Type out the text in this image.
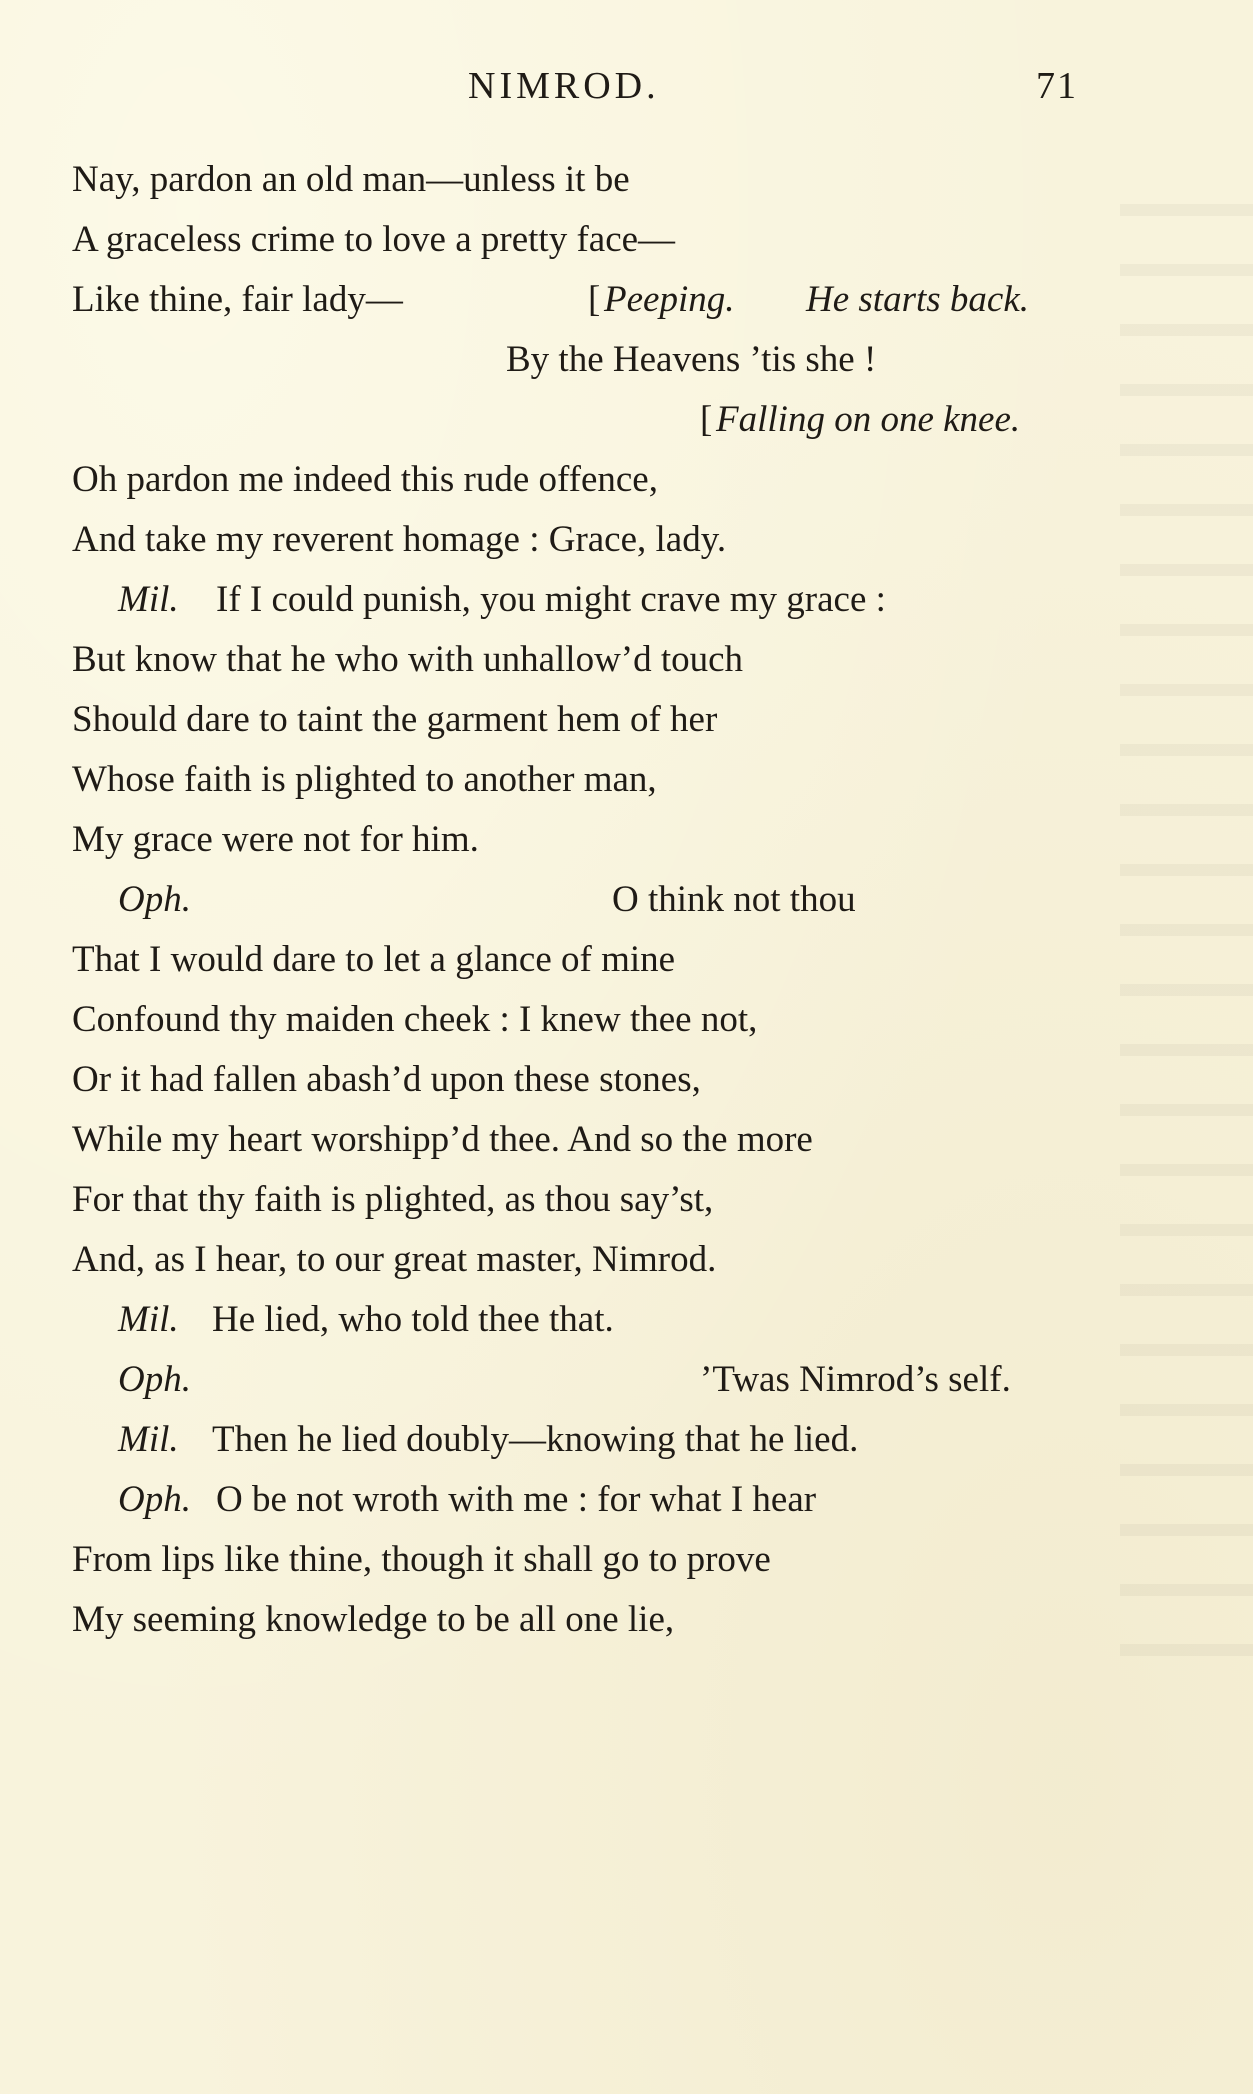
NIMROD.	71
Nay, pardon an old man—unless it be
A graceless crime to love a pretty face—
Like thine, fair lady—	[ Peeping. He starts back.
By the Heavens ’tis she !
[ Falling on one knee.
Oh pardon me indeed this rude offence,
And take my reverent homage : Grace, lady.
Mil. If I could punish, you might crave my grace :
But know that he who with unhallow’d touch
Should dare to taint the garment hem of her
Whose faith is plighted to another man,
My grace were not for him.
Oph.	O think not thou
That I would dare to let a glance of mine
Confound thy maiden cheek : I knew thee not,
Or it had fallen abash’d upon these stones,
While my heart worshipp’d thee. And so the more
For that thy faith is plighted, as thou say’st,
And, as I hear, to our great master, Nimrod.
Mil. He lied, who told thee that.
Oph.	’Twas Nimrod’s self.
Mil. Then he lied doubly—knowing that he lied.
Oph. O be not wroth with me : for what I hear
From lips like thine, though it shall go to prove
My seeming knowledge to be all one lie,
